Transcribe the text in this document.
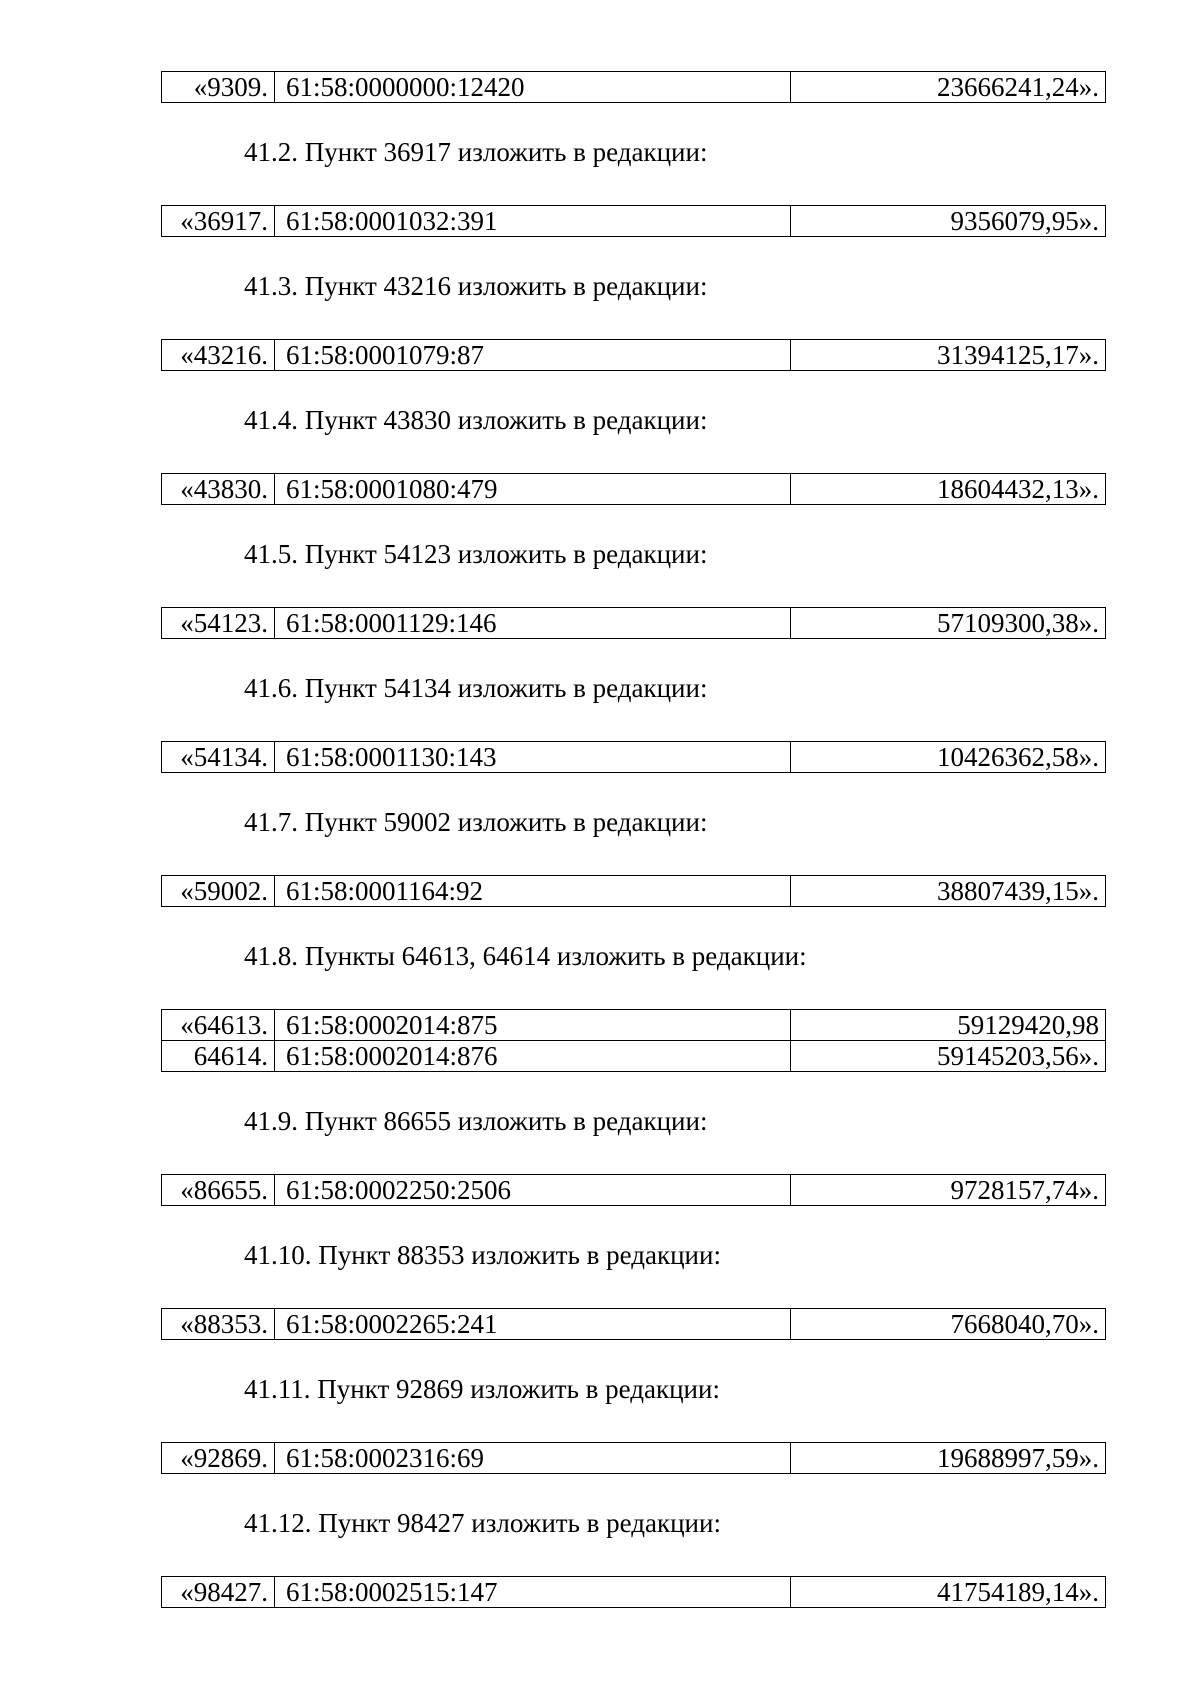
«9309.	61:58:0000000:12420	23666241,24».

41.2. Пункт 36917 изложить в редакции:

«36917.	61:58:0001032:391	9356079,95».

41.3. Пункт 43216 изложить в редакции:

«43216.	61:58:0001079:87	31394125,17».

41.4. Пункт 43830 изложить в редакции:

«43830.	61:58:0001080:479	18604432,13».

41.5. Пункт 54123 изложить в редакции:

«54123.	61:58:0001129:146	57109300,38».

41.6. Пункт 54134 изложить в редакции:

«54134.	61:58:0001130:143	10426362,58».

41.7. Пункт 59002 изложить в редакции:

«59002.	61:58:0001164:92	38807439,15».

41.8. Пункты 64613, 64614 изложить в редакции:

«64613.	61:58:0002014:875	59129420,98
64614.	61:58:0002014:876	59145203,56».

41.9. Пункт 86655 изложить в редакции:

«86655.	61:58:0002250:2506	9728157,74».

41.10. Пункт 88353 изложить в редакции:

«88353.	61:58:0002265:241	7668040,70».

41.11. Пункт 92869 изложить в редакции:

«92869.	61:58:0002316:69	19688997,59».

41.12. Пункт 98427 изложить в редакции:

«98427.	61:58:0002515:147	41754189,14».
